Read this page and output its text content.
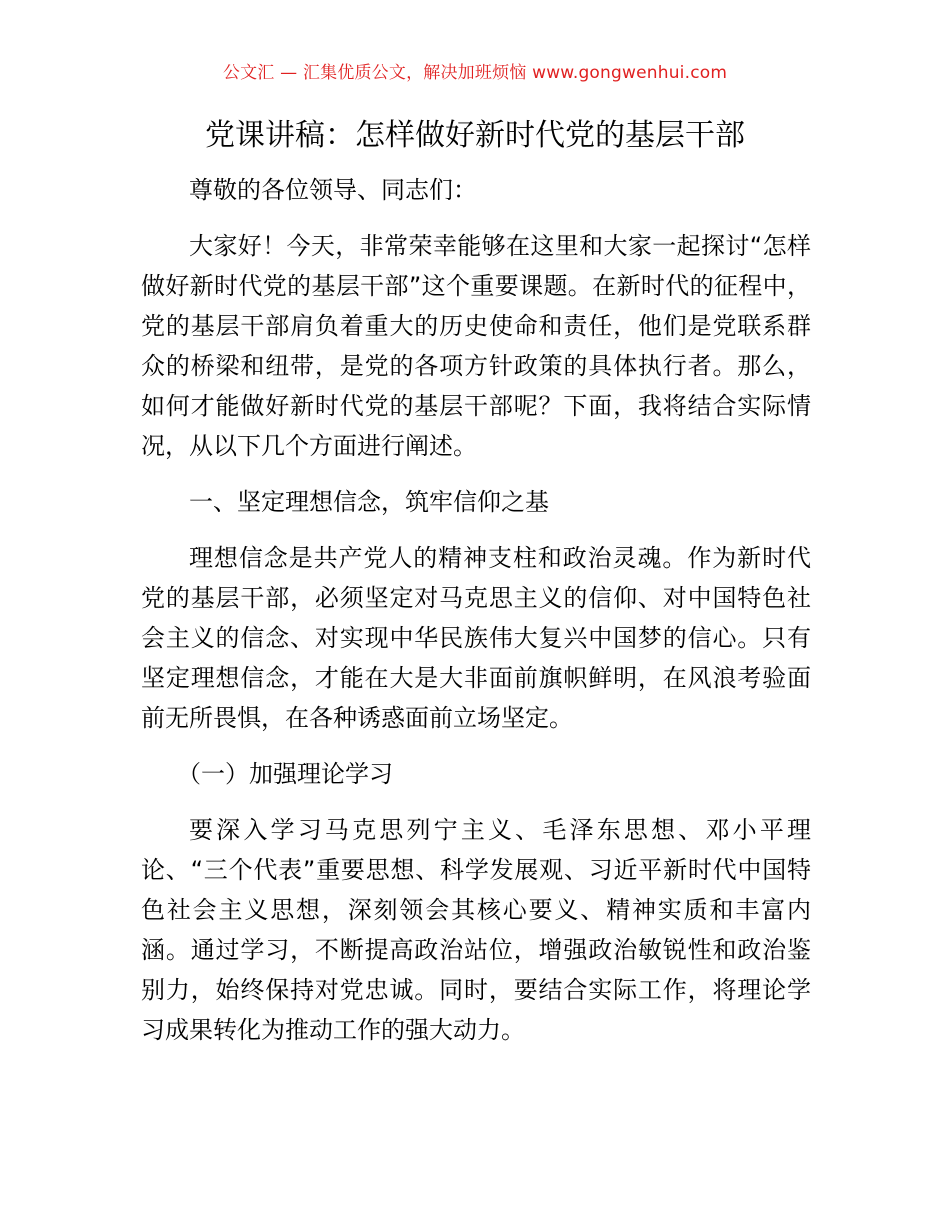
公文汇 — 汇集优质公文，解决加班烦恼 www.gongwenhui.com
党课讲稿：怎样做好新时代党的基层干部

尊敬的各位领导、同志们：

大家好！今天，非常荣幸能够在这里和大家一起探讨“怎样做好新时代党的基层干部”这个重要课题。在新时代的征程中，党的基层干部肩负着重大的历史使命和责任，他们是党联系群众的桥梁和纽带，是党的各项方针政策的具体执行者。那么，如何才能做好新时代党的基层干部呢？下面，我将结合实际情况，从以下几个方面进行阐述。

一、坚定理想信念，筑牢信仰之基

理想信念是共产党人的精神支柱和政治灵魂。作为新时代党的基层干部，必须坚定对马克思主义的信仰、对中国特色社会主义的信念、对实现中华民族伟大复兴中国梦的信心。只有坚定理想信念，才能在大是大非面前旗帜鲜明，在风浪考验面前无所畏惧，在各种诱惑面前立场坚定。

（一）加强理论学习

要深入学习马克思列宁主义、毛泽东思想、邓小平理论、“三个代表”重要思想、科学发展观、习近平新时代中国特色社会主义思想，深刻领会其核心要义、精神实质和丰富内涵。通过学习，不断提高政治站位，增强政治敏锐性和政治鉴别力，始终保持对党忠诚。同时，要结合实际工作，将理论学习成果转化为推动工作的强大动力。
